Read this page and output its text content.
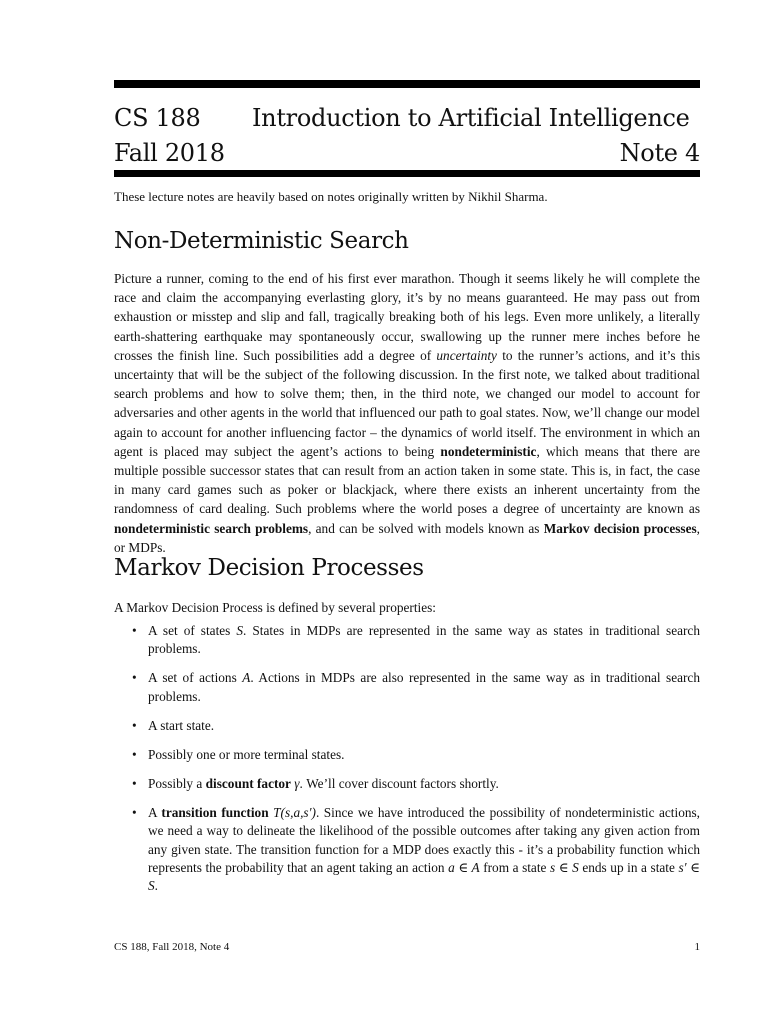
CS 188 Introduction to Artificial Intelligence
Fall 2018	Note 4
These lecture notes are heavily based on notes originally written by Nikhil Sharma.
Non-Deterministic Search

Picture a runner, coming to the end of his first ever marathon. Though it seems likely he will complete the race and claim the accompanying everlasting glory, it’s by no means guaranteed. He may pass out from exhaustion or misstep and slip and fall, tragically breaking both of his legs. Even more unlikely, a literally earth-shattering earthquake may spontaneously occur, swallowing up the runner mere inches before he crosses the finish line. Such possibilities add a degree of uncertainty to the runner’s actions, and it’s this uncertainty that will be the subject of the following discussion. In the first note, we talked about traditional search problems and how to solve them; then, in the third note, we changed our model to account for adversaries and other agents in the world that influenced our path to goal states. Now, we’ll change our model again to account for another influencing factor – the dynamics of world itself. The environment in which an agent is placed may subject the agent’s actions to being nondeterministic, which means that there are multiple possible successor states that can result from an action taken in some state. This is, in fact, the case in many card games such as poker or blackjack, where there exists an inherent uncertainty from the randomness of card dealing. Such problems where the world poses a degree of uncertainty are known as nondeterministic search problems, and can be solved with models known as Markov decision processes, or MDPs.

Markov Decision Processes

A Markov Decision Process is defined by several properties:

• A set of states S. States in MDPs are represented in the same way as states in traditional search problems.
• A set of actions A. Actions in MDPs are also represented in the same way as in traditional search problems.
• A start state.
• Possibly one or more terminal states.
• Possibly a discount factor γ. We’ll cover discount factors shortly.
• A transition function T(s,a,s′). Since we have introduced the possibility of nondeterministic actions, we need a way to delineate the likelihood of the possible outcomes after taking any given action from any given state. The transition function for a MDP does exactly this - it’s a probability function which represents the probability that an agent taking an action a ∈ A from a state s ∈ S ends up in a state s′ ∈ S.
CS 188, Fall 2018, Note 4	1
